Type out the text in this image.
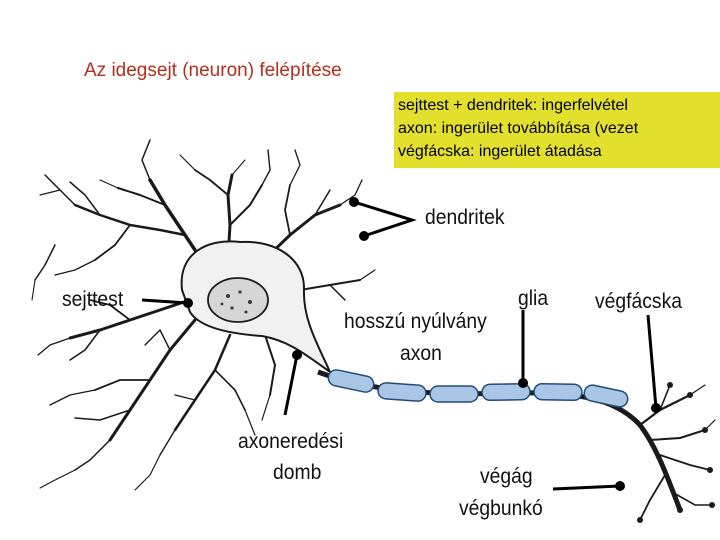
Az idegsejt (neuron) felépítése
sejttest + dendritek: ingerfelvétel
axon: ingerület továbbítása (vezet
végfácska: ingerület átadása
dendritek
sejttest
hosszú nyúlvány
axon
glia végfácska
axoneredési
domb	végág
végbunkó
